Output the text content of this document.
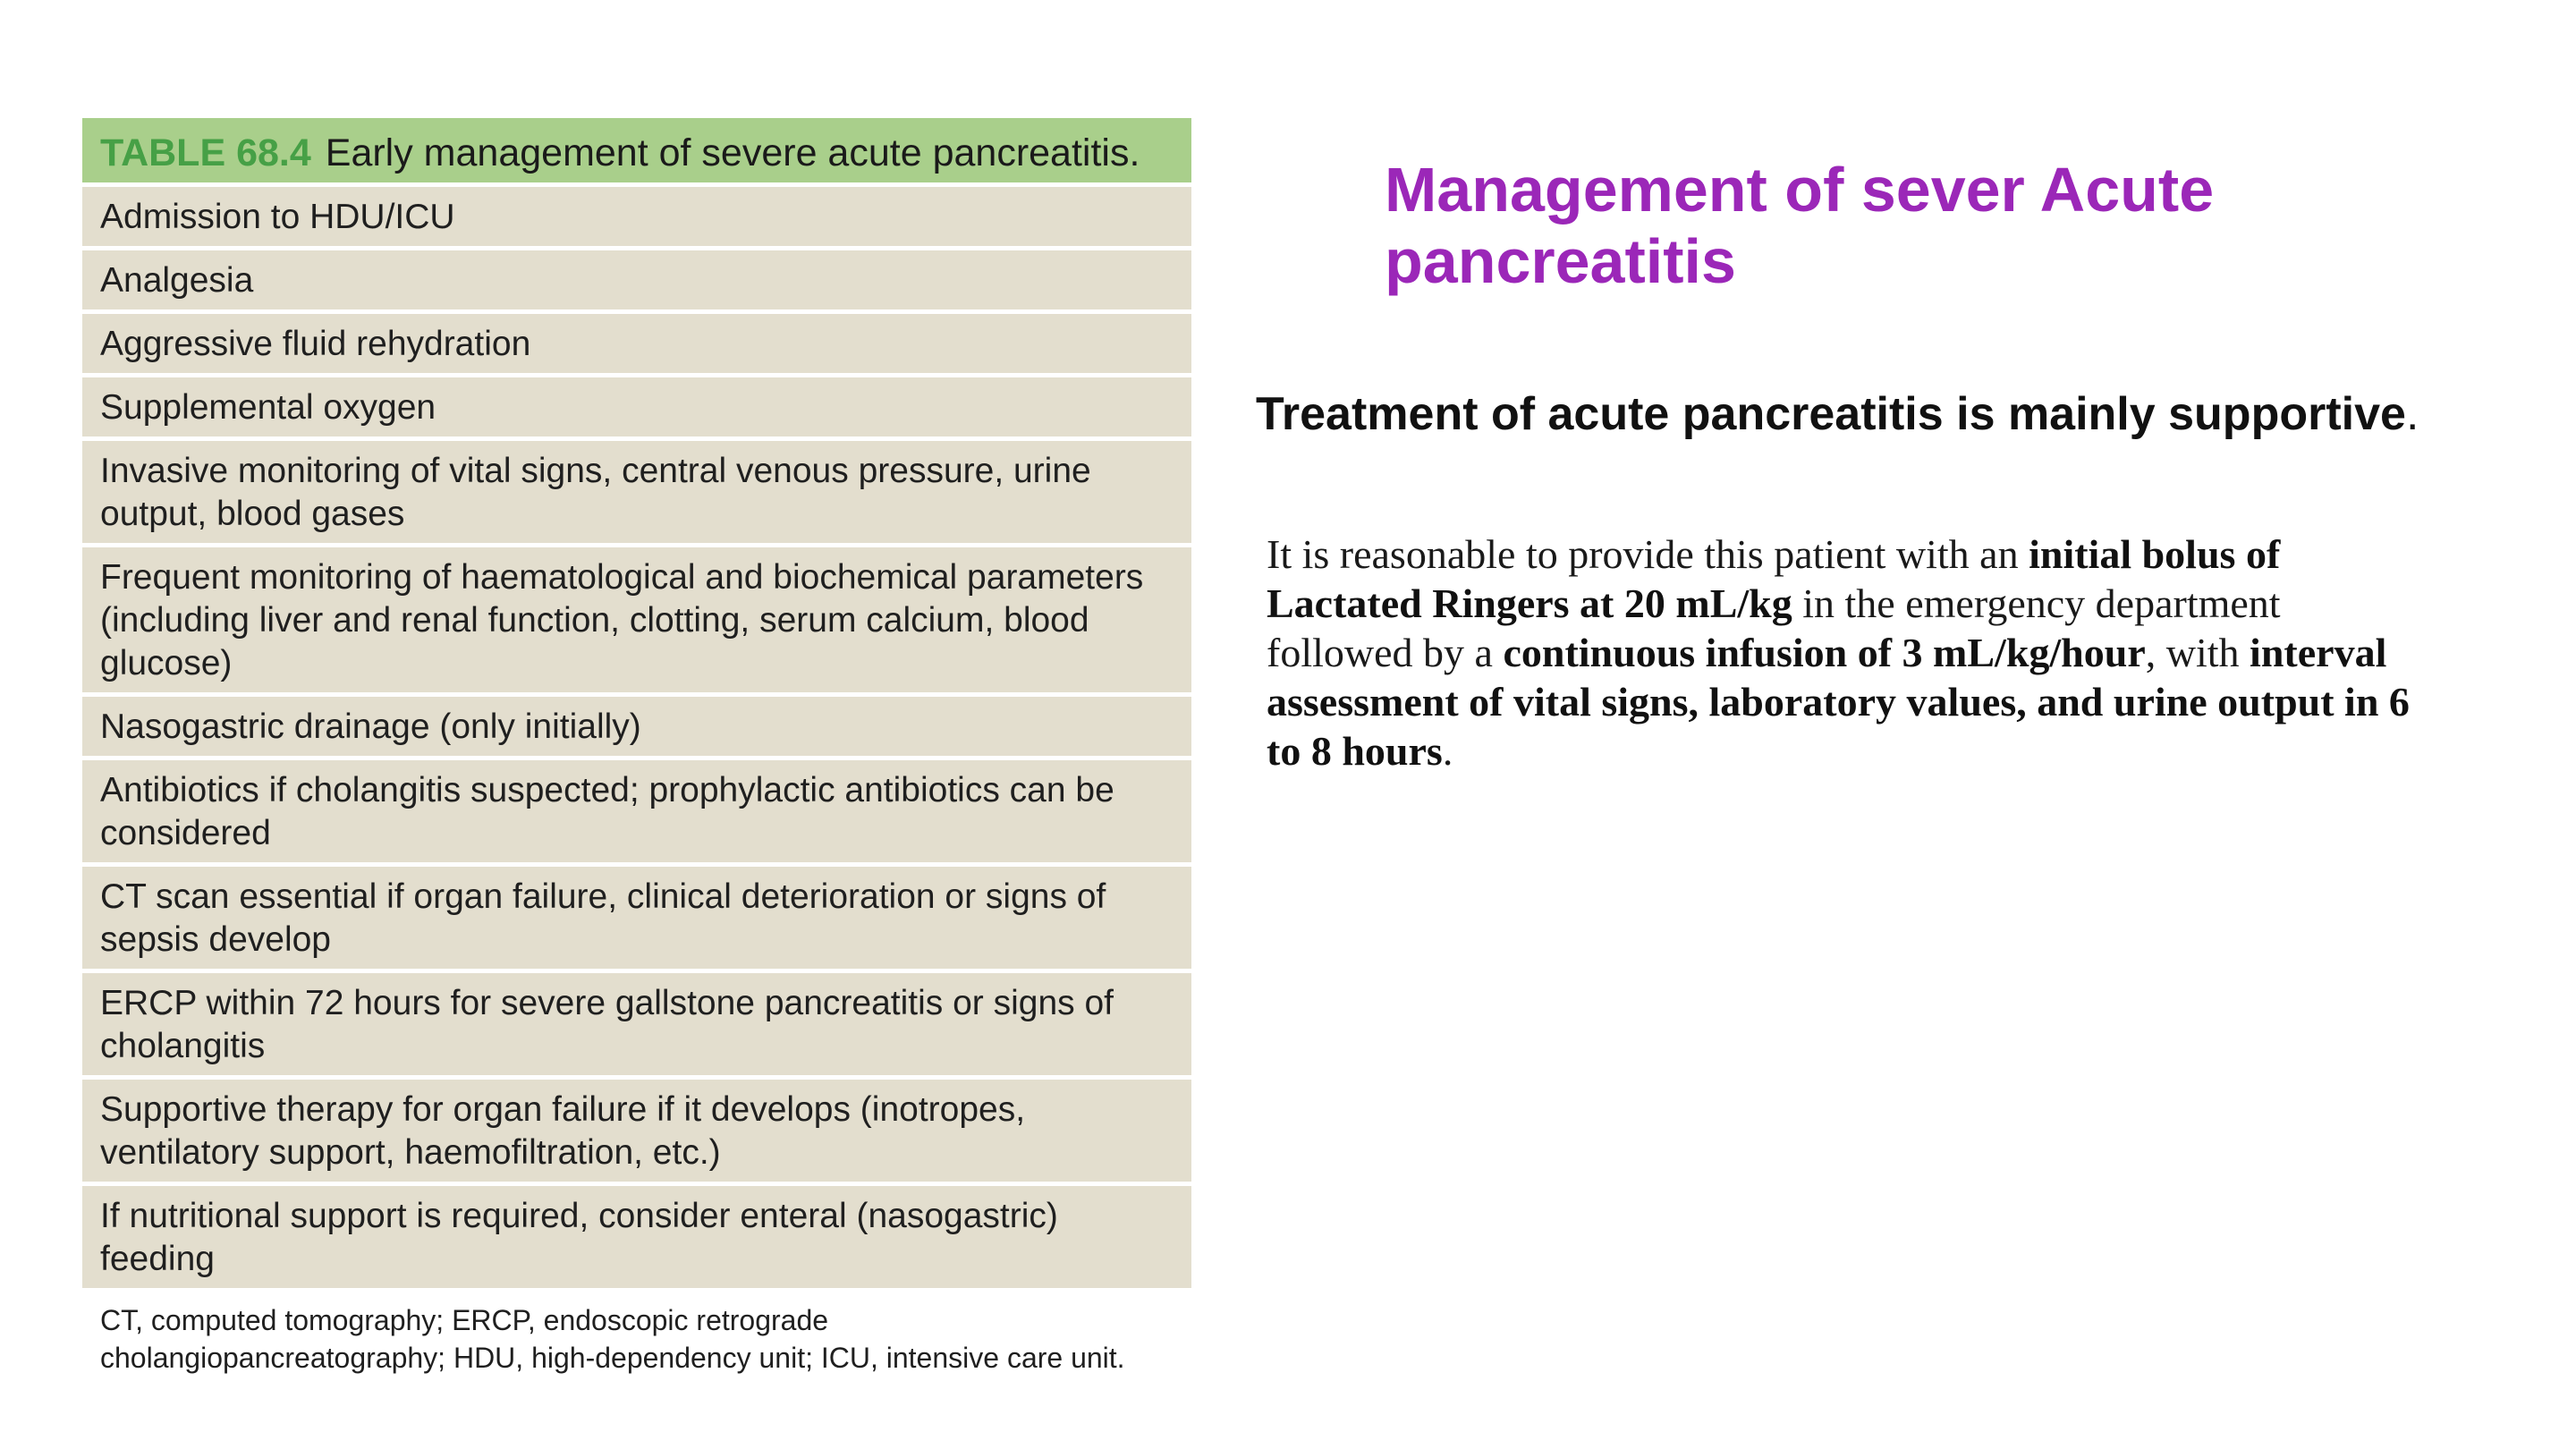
TABLE 68.4 Early management of severe acute pancreatitis.
Admission to HDU/ICU
Analgesia
Aggressive fluid rehydration
Supplemental oxygen
Invasive monitoring of vital signs, central venous pressure, urine output, blood gases
Frequent monitoring of haematological and biochemical parameters (including liver and renal function, clotting, serum calcium, blood glucose)
Nasogastric drainage (only initially)
Antibiotics if cholangitis suspected; prophylactic antibiotics can be considered
CT scan essential if organ failure, clinical deterioration or signs of sepsis develop
ERCP within 72 hours for severe gallstone pancreatitis or signs of cholangitis
Supportive therapy for organ failure if it develops (inotropes, ventilatory support, haemofiltration, etc.)
If nutritional support is required, consider enteral (nasogastric) feeding
CT, computed tomography; ERCP, endoscopic retrograde cholangiopancreatography; HDU, high-dependency unit; ICU, intensive care unit.
Management of sever Acute pancreatitis
Treatment of acute pancreatitis is mainly supportive.
It is reasonable to provide this patient with an initial bolus of Lactated Ringers at 20 mL/kg in the emergency department followed by a continuous infusion of 3 mL/kg/hour, with interval assessment of vital signs, laboratory values, and urine output in 6 to 8 hours.
